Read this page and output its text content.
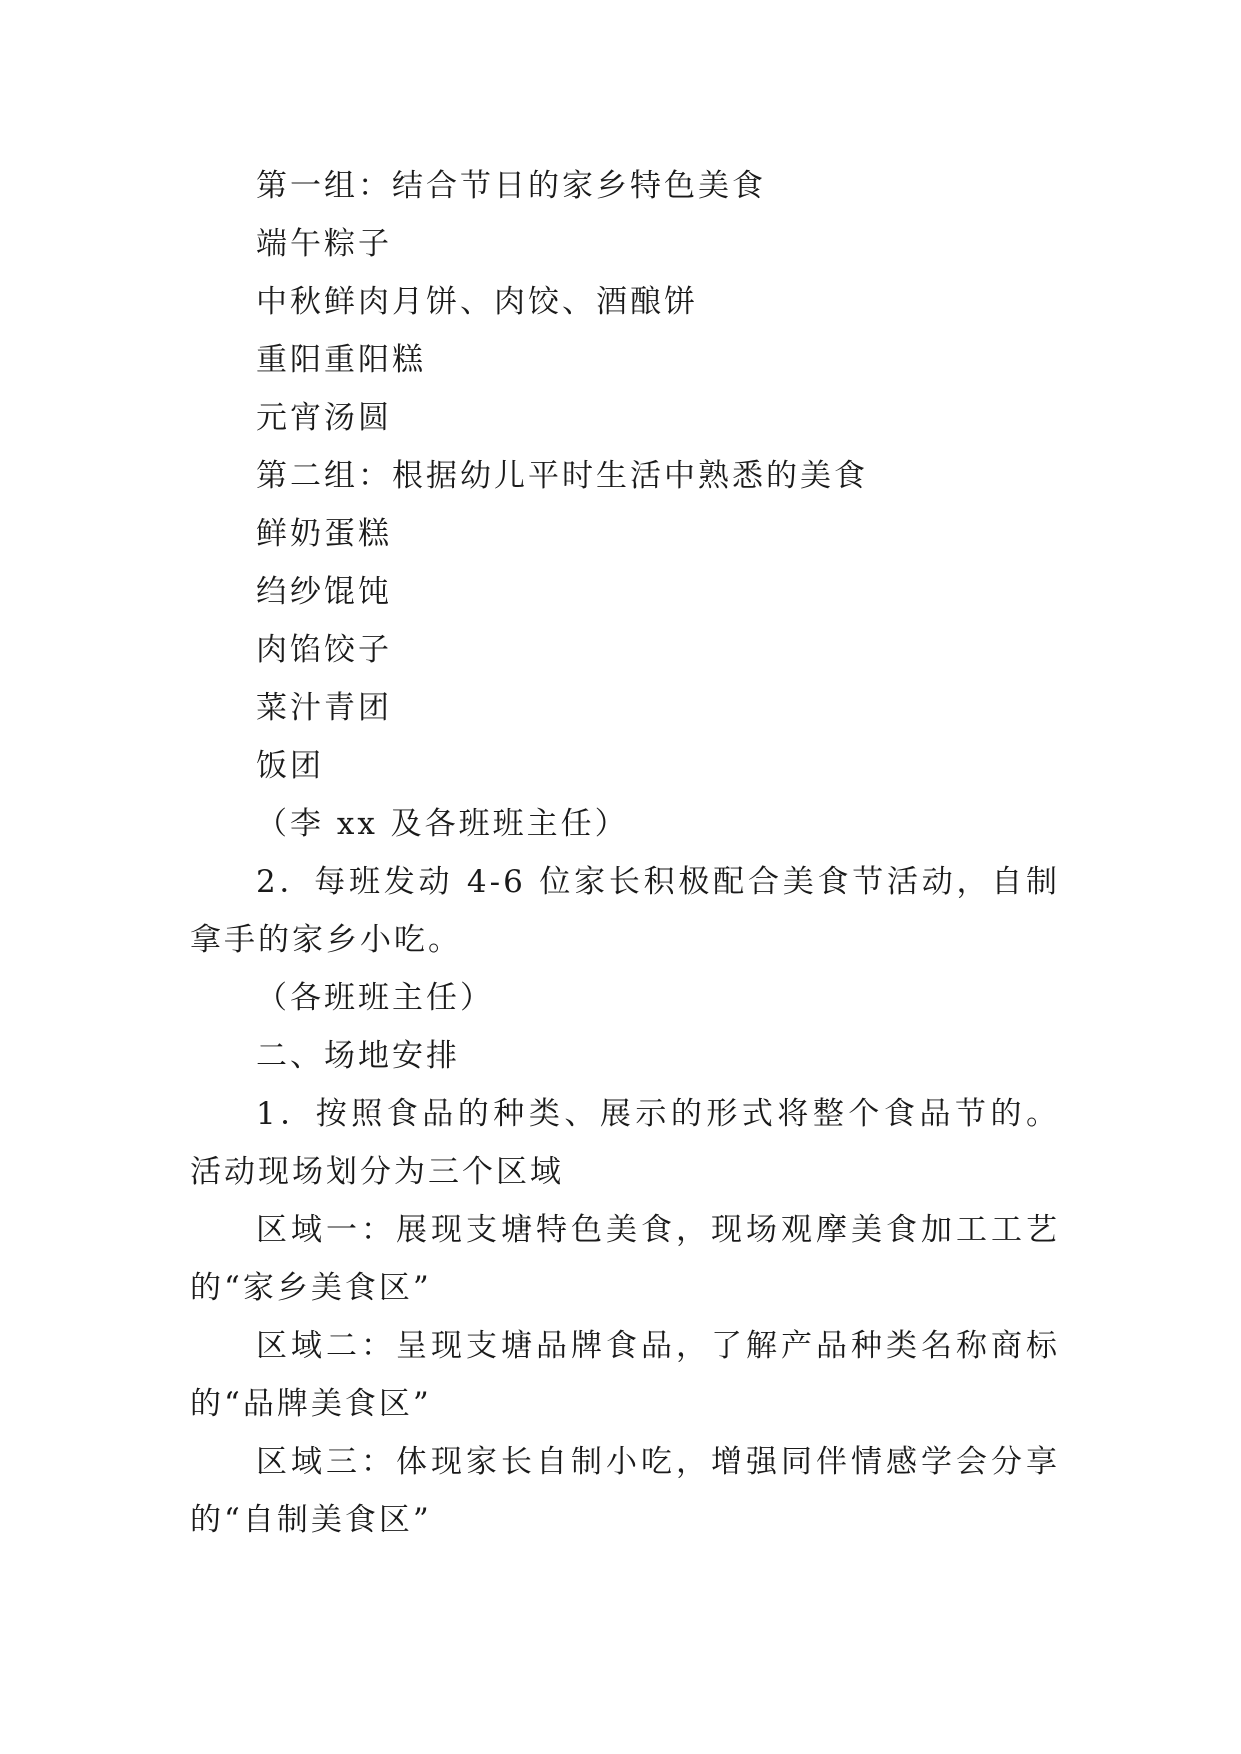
第一组：结合节日的家乡特色美食

端午粽子

中秋鲜肉月饼、肉饺、酒酿饼

重阳重阳糕

元宵汤圆

第二组：根据幼儿平时生活中熟悉的美食

鲜奶蛋糕

绉纱馄饨

肉馅饺子

菜汁青团

饭团

（李 xx 及各班班主任）

2．每班发动 4-6 位家长积极配合美食节活动，自制拿手的家乡小吃。

（各班班主任）

二、场地安排

1．按照食品的种类、展示的形式将整个食品节的。活动现场划分为三个区域

区域一：展现支塘特色美食，现场观摩美食加工工艺的“家乡美食区”

区域二：呈现支塘品牌食品，了解产品种类名称商标的“品牌美食区”

区域三：体现家长自制小吃，增强同伴情感学会分享的“自制美食区”
